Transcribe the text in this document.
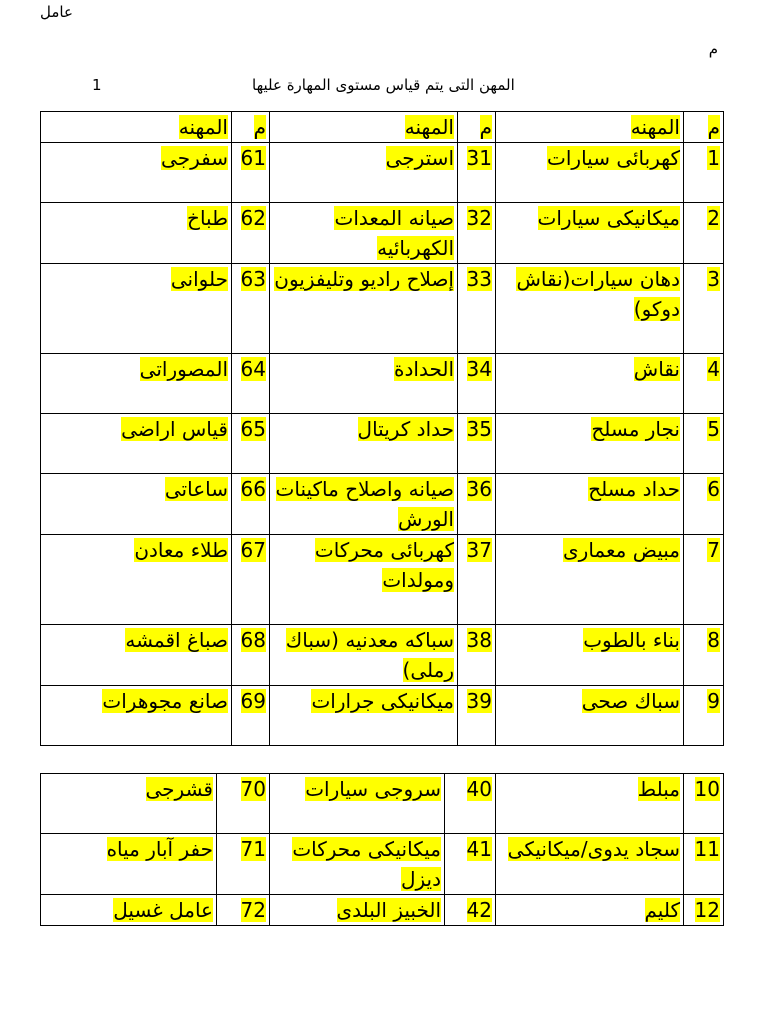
عامل
م
1	المهن التى يتم قياس مستوى المهارة عليها
م	المهنه	م	المهنه	م	المهنه
1	كهربائى سيارات	31	استرجى	61	سفرجى
2	ميكانيكى سيارات	32	صيانه المعدات الكهربائيه	62	طباخ
3	دهان سيارات(نقاش دوكو)	33	إصلاح راديو وتليفزيون	63	حلوانى
4	نقاش	34	الحدادة	64	المصوراتى
5	نجار مسلح	35	حداد كريتال	65	قياس اراضى
6	حداد مسلح	36	صيانه واصلاح ماكينات الورش	66	ساعاتى
7	مبيض معمارى	37	كهربائى محركات ومولدات	67	طلاء معادن
8	بناء بالطوب	38	سباكه معدنيه (سباك رملى)	68	صباغ اقمشه
9	سباك صحى	39	ميكانيكى جرارات	69	صانع مجوهرات
10	مبلط	40	سروجى سيارات	70	قشرجى
11	سجاد يدوى/ميكانيكى	41	ميكانيكى محركات ديزل	71	حفر آبار مياه
12	كليم	42	الخبيز البلدى	72	عامل غسيل
